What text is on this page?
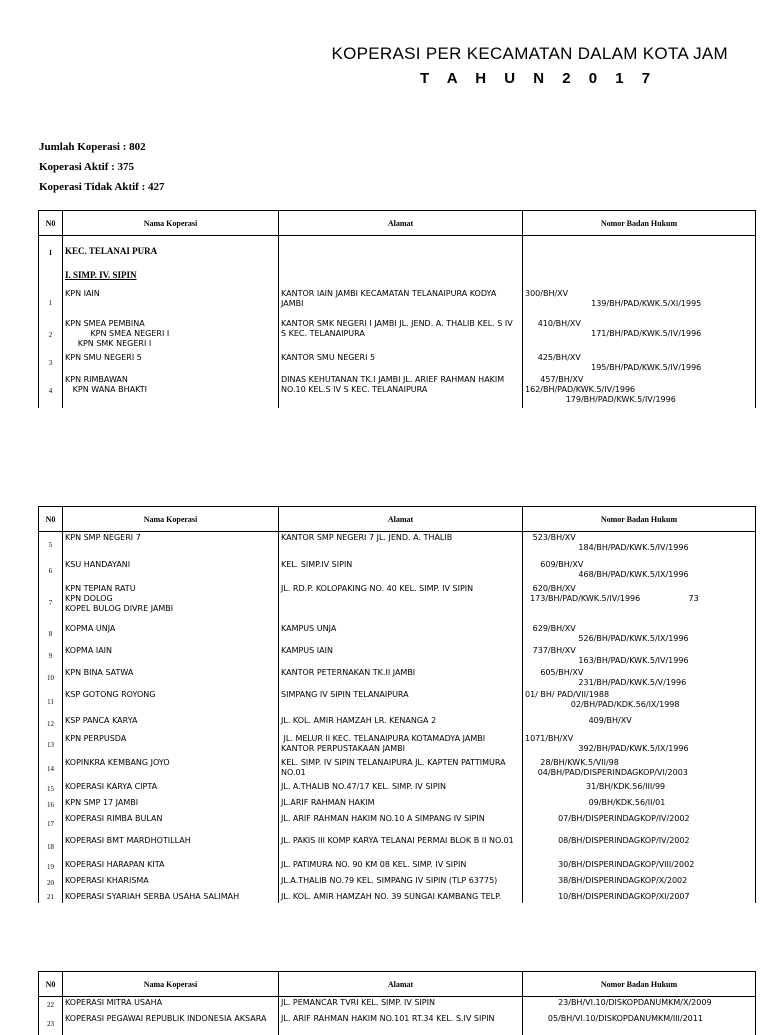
KOPERASI PER KECAMATAN DALAM KOTA JAM
T A H U N 2 0 1 7
Jumlah Koperasi : 802
Koperasi Aktif : 375
Koperasi Tidak Aktif : 427
N0	Nama Koperasi	Alamat	Nomor Badan Hukum
I	KEC. TELANAI PURA		
	I. SIMP. IV. SIPIN		
1	KPN IAIN	KANTOR IAIN JAMBI KECAMATAN TELANAIPURA KODYA JAMBI	300/BH/XV
139/BH/PAD/KWK.5/XI/1995
2	KPN SMEA PEMBINA
KPN SMEA NEGERI I
KPN SMK NEGERI I	KANTOR SMK NEGERI I JAMBI JL. JEND. A. THALIB KEL. S IV S KEC. TELANAIPURA	410/BH/XV
171/BH/PAD/KWK.5/IV/1996
3	KPN SMU NEGERI 5	KANTOR SMU NEGERI 5	425/BH/XV
195/BH/PAD/KWK.5/IV/1996
4	KPN RIMBAWAN
KPN WANA BHAKTI	DINAS KEHUTANAN TK.I JAMBI JL. ARIEF RAHMAN HAKIM NO.10 KEL.S IV S KEC. TELANAIPURA	457/BH/XV
162/BH/PAD/KWK.5/IV/1996
179/BH/PAD/KWK.5/IV/1996
N0	Nama Koperasi	Alamat	Nomor Badan Hukum
5	KPN SMP NEGERI 7	KANTOR SMP NEGERI 7 JL. JEND. A. THALIB	523/BH/XV
184/BH/PAD/KWK.5/IV/1996
6	KSU HANDAYANI	KEL. SIMP.IV SIPIN	609/BH/XV
468/BH/PAD/KWK.5/IX/1996
7	KPN TEPIAN RATU
KPN DOLOG
KOPEL BULOG DIVRE JAMBI	JL. RD.P. KOLOPAKING NO. 40 KEL. SIMP. IV SIPIN	620/BH/XV
173/BH/PAD/KWK.5/IV/1996                   73
8	KOPMA UNJA	KAMPUS UNJA	629/BH/XV
526/BH/PAD/KWK.5/IX/1996
9	KOPMA IAIN	KAMPUS IAIN	737/BH/XV
163/BH/PAD/KWK.5/IV/1996
10	KPN BINA SATWA	KANTOR PETERNAKAN TK.II JAMBI	605/BH/XV
231/BH/PAD/KWK.5/V/1996
11	KSP GOTONG ROYONG	SIMPANG IV SIPIN TELANAIPURA	01/ BH/ PAD/VII/1988
02/BH/PAD/KDK.56/IX/1998
12	KSP PANCA KARYA	JL. KOL. AMIR HAMZAH LR. KENANGA 2	409/BH/XV
13	KPN PERPUSDA	JL. MELUR II KEC. TELANAIPURA KOTAMADYA JAMBI
KANTOR PERPUSTAKAAN JAMBI	1071/BH/XV
392/BH/PAD/KWK.5/IX/1996
14	KOPINKRA KEMBANG JOYO	KEL. SIMP. IV SIPIN TELANAIPURA JL. KAPTEN PATTIMURA NO.01	28/BH/KWK.5/VII/98
04/BH/PAD/DISPERINDAGKOP/VI/2003
15	KOPERASI KARYA CIPTA	JL. A.THALIB NO.47/17 KEL. SIMP. IV SIPIN	31/BH/KDK.56/III/99
16	KPN SMP 17 JAMBI	JL.ARIF RAHMAN HAKIM	09/BH/KDK.56/II/01
17	KOPERASI RIMBA BULAN	JL. ARIF RAHMAN HAKIM NO.10 A SIMPANG IV SIPIN	07/BH/DISPERINDAGKOP/IV/2002
18	KOPERASI BMT MARDHOTILLAH	JL. PAKIS III KOMP KARYA TELANAI PERMAI BLOK B II NO.01	08/BH/DISPERINDAGKOP/IV/2002
19	KOPERASI HARAPAN KITA	JL. PATIMURA NO. 90 KM 08 KEL. SIMP. IV SIPIN	30/BH/DISPERINDAGKOP/VIII/2002
20	KOPERASI KHARISMA	JL.A.THALIB NO.79 KEL. SIMPANG IV SIPIN (TLP 63775)	38/BH/DISPERINDAGKOP/X/2002
21	KOPERASI SYARIAH SERBA USAHA SALIMAH	JL. KOL. AMIR HAMZAH NO. 39 SUNGAI KAMBANG TELP.	10/BH/DISPERINDAGKOP/XI/2007
N0	Nama Koperasi	Alamat	Nomor Badan Hukum
22	KOPERASI MITRA USAHA	JL. PEMANCAR TVRI KEL. SIMP. IV SIPIN	23/BH/VI.10/DISKOPDANUMKM/X/2009
23	KOPERASI PEGAWAI REPUBLIK INDONESIA AKSARA	JL. ARIF RAHMAN HAKIM NO.101 RT.34 KEL. S.IV SIPIN	05/BH/VI.10/DISKOPDANUMKM/III/2011
